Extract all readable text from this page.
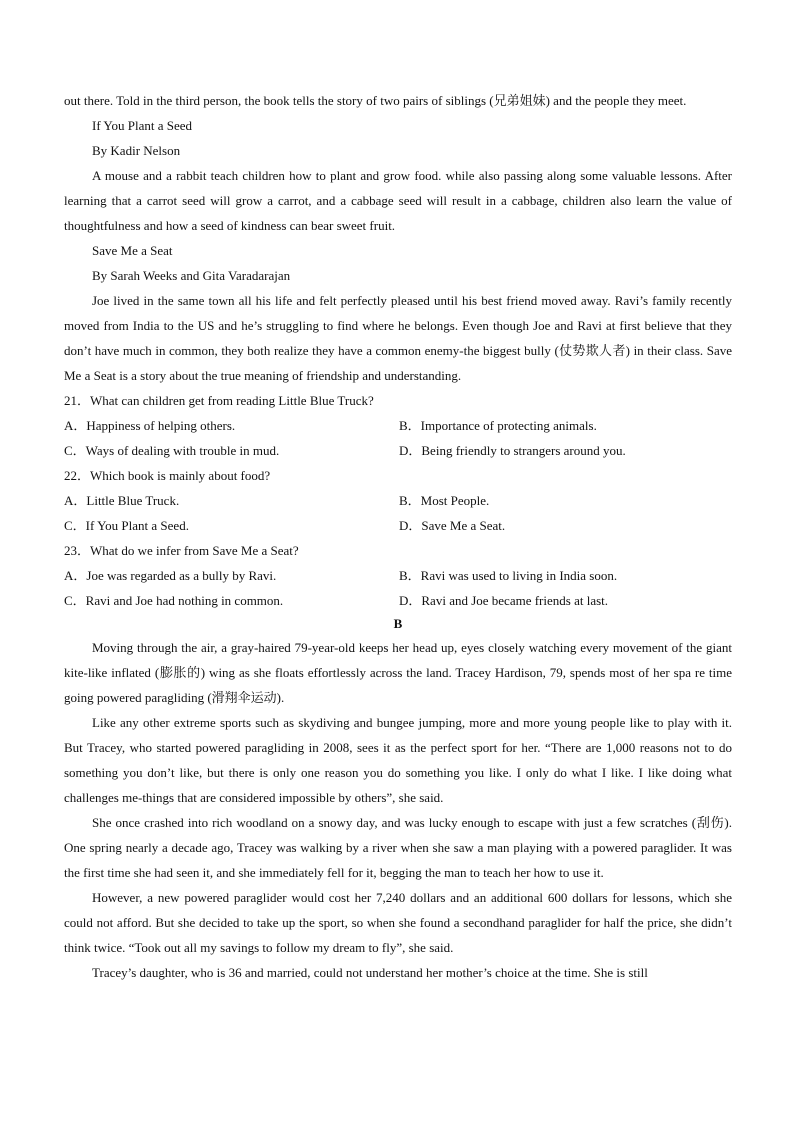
out there. Told in the third person, the book tells the story of two pairs of siblings (兄弟姐妹) and the people they meet.
If You Plant a Seed
By Kadir Nelson
A mouse and a rabbit teach children how to plant and grow food. while also passing along some valuable lessons. After learning that a carrot seed will grow a carrot, and a cabbage seed will result in a cabbage, children also learn the value of thoughtfulness and how a seed of kindness can bear sweet fruit.
Save Me a Seat
By Sarah Weeks and Gita Varadarajan
Joe lived in the same town all his life and felt perfectly pleased until his best friend moved away. Ravi’s family recently moved from India to the US and he’s struggling to find where he belongs. Even though Joe and Ravi at first believe that they don’t have much in common, they both realize they have a common enemy-the biggest bully (仗势欺人者) in their class. Save Me a Seat is a story about the true meaning of friendship and understanding.
21．What can children get from reading Little Blue Truck?
A．Happiness of helping others.	B．Importance of protecting animals.
C．Ways of dealing with trouble in mud.	D．Being friendly to strangers around you.
22．Which book is mainly about food?
A．Little Blue Truck.	B．Most People.
C．If You Plant a Seed.	D．Save Me a Seat.
23．What do we infer from Save Me a Seat?
A．Joe was regarded as a bully by Ravi.	B．Ravi was used to living in India soon.
C．Ravi and Joe had nothing in common.	D．Ravi and Joe became friends at last.
B
Moving through the air, a gray-haired 79-year-old keeps her head up, eyes closely watching every movement of the giant kite-like inflated (膨胀的) wing as she floats effortlessly across the land. Tracey Hardison, 79, spends most of her spa re time going powered paragliding (滑翔伞运动).
Like any other extreme sports such as skydiving and bungee jumping, more and more young people like to play with it. But Tracey, who started powered paragliding in 2008, sees it as the perfect sport for her. “There are 1,000 reasons not to do something you don’t like, but there is only one reason you do something you like. I only do what I like. I like doing what challenges me-things that are considered impossible by others”, she said.
She once crashed into rich woodland on a snowy day, and was lucky enough to escape with just a few scratches (刮伤). One spring nearly a decade ago, Tracey was walking by a river when she saw a man playing with a powered paraglider. It was the first time she had seen it, and she immediately fell for it, begging the man to teach her how to use it.
However, a new powered paraglider would cost her 7,240 dollars and an additional 600 dollars for lessons, which she could not afford. But she decided to take up the sport, so when she found a secondhand paraglider for half the price, she didn’t think twice. “Took out all my savings to follow my dream to fly”, she said.
Tracey’s daughter, who is 36 and married, could not understand her mother’s choice at the time. She is still
